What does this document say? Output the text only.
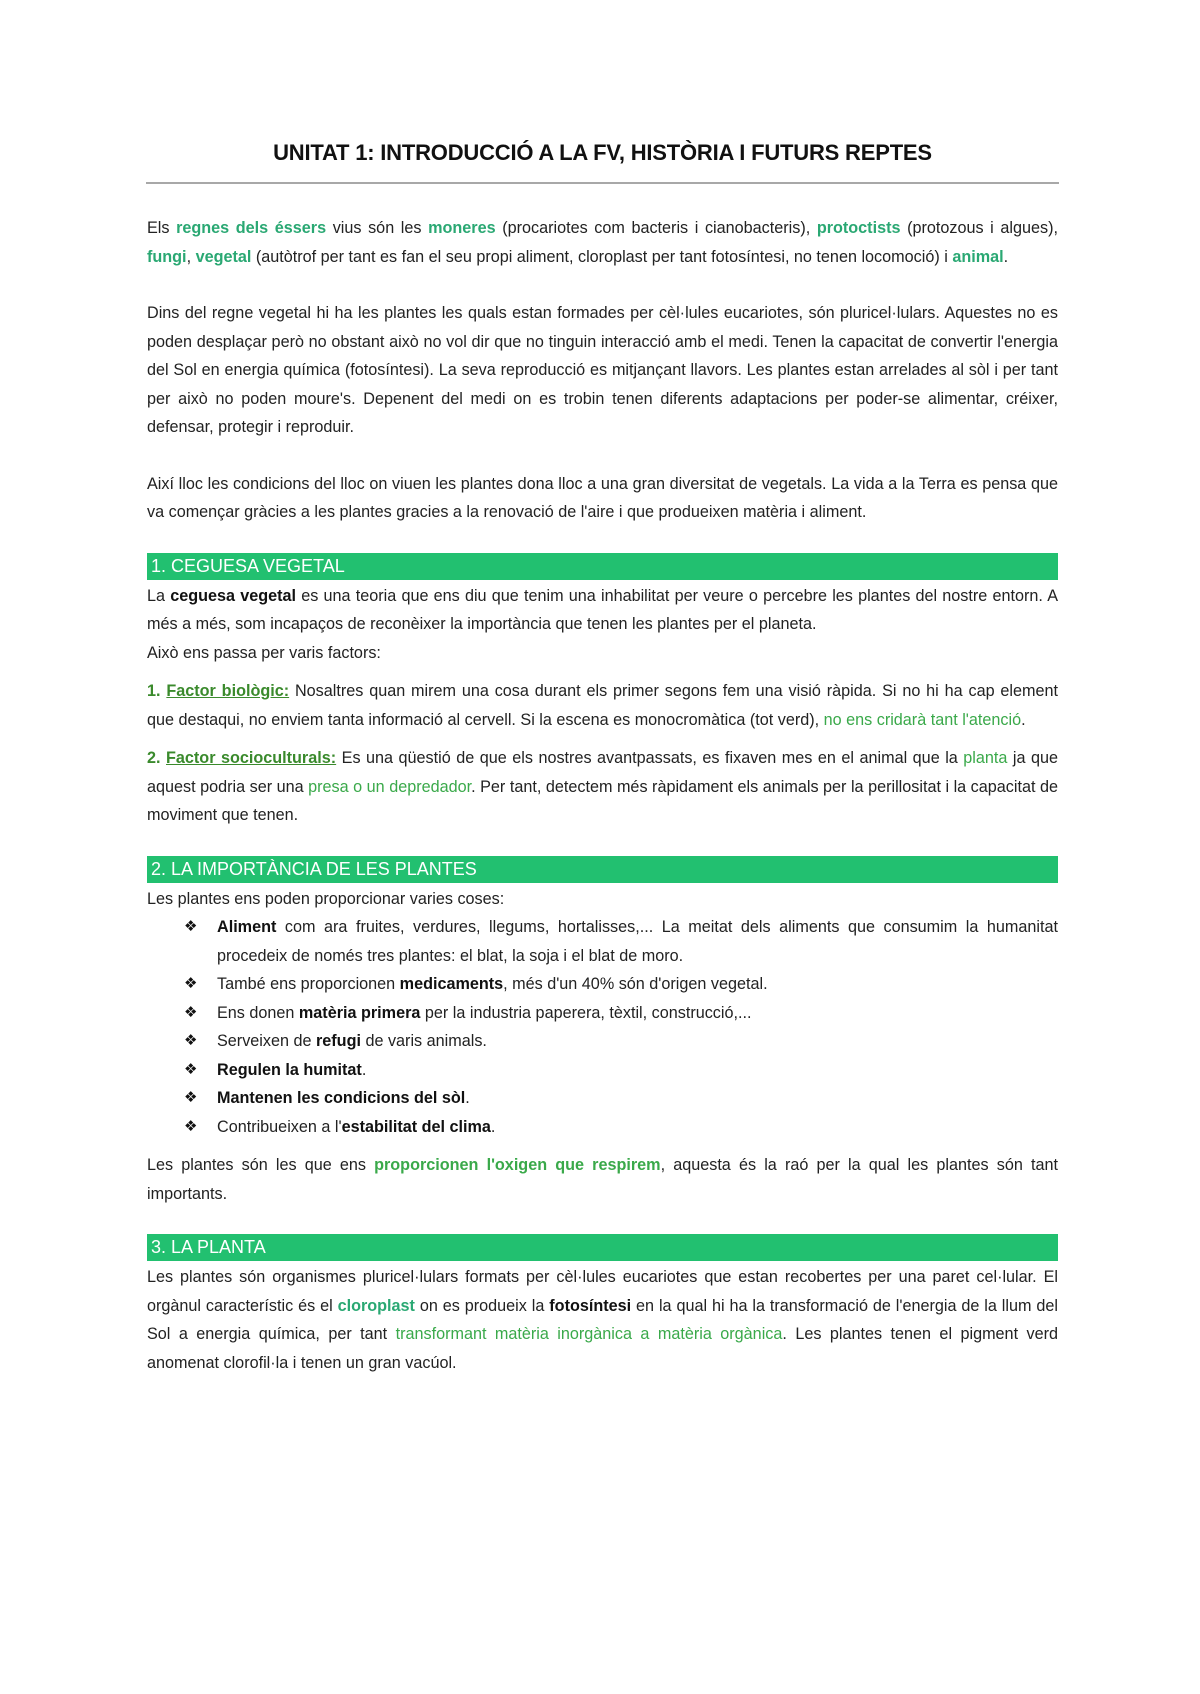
UNITAT 1: INTRODUCCIÓ A LA FV, HISTÒRIA I FUTURS REPTES

Els regnes dels éssers vius són les moneres (procariotes com bacteris i cianobacteris), protoctists (protozous i algues), fungi, vegetal (autòtrof per tant es fan el seu propi aliment, cloroplast per tant fotosíntesi, no tenen locomoció) i animal.

Dins del regne vegetal hi ha les plantes les quals estan formades per cèl·lules eucariotes, són pluricel·lulars. Aquestes no es poden desplaçar però no obstant això no vol dir que no tinguin interacció amb el medi. Tenen la capacitat de convertir l'energia del Sol en energia química (fotosíntesi). La seva reproducció es mitjançant llavors. Les plantes estan arrelades al sòl i per tant per això no poden moure's. Depenent del medi on es trobin tenen diferents adaptacions per poder-se alimentar, créixer, defensar, protegir i reproduir.

Així lloc les condicions del lloc on viuen les plantes dona lloc a una gran diversitat de vegetals. La vida a la Terra es pensa que va començar gràcies a les plantes gracies a la renovació de l'aire i que produeixen matèria i aliment.

1. CEGUESA VEGETAL

La ceguesa vegetal es una teoria que ens diu que tenim una inhabilitat per veure o percebre les plantes del nostre entorn. A més a més, som incapaços de reconèixer la importància que tenen les plantes per el planeta.

Això ens passa per varis factors:

1. Factor biològic: Nosaltres quan mirem una cosa durant els primer segons fem una visió ràpida. Si no hi ha cap element que destaqui, no enviem tanta informació al cervell. Si la escena es monocromàtica (tot verd), no ens cridarà tant l'atenció.

2. Factor socioculturals: Es una qüestió de que els nostres avantpassats, es fixaven mes en el animal que la planta ja que aquest podria ser una presa o un depredador. Per tant, detectem més ràpidament els animals per la perillositat i la capacitat de moviment que tenen.

2. LA IMPORTÀNCIA DE LES PLANTES

Les plantes ens poden proporcionar varies coses:

❖ Aliment com ara fruites, verdures, llegums, hortalisses,... La meitat dels aliments que consumim la humanitat procedeix de només tres plantes: el blat, la soja i el blat de moro.
❖ També ens proporcionen medicaments, més d'un 40% són d'origen vegetal.
❖ Ens donen matèria primera per la industria paperera, tèxtil, construcció,...
❖ Serveixen de refugi de varis animals.
❖ Regulen la humitat.
❖ Mantenen les condicions del sòl.
❖ Contribueixen a l'estabilitat del clima.

Les plantes són les que ens proporcionen l'oxigen que respirem, aquesta és la raó per la qual les plantes són tant importants.

3. LA PLANTA

Les plantes són organismes pluricel·lulars formats per cèl·lules eucariotes que estan recobertes per una paret cel·lular. El orgànul característic és el cloroplast on es produeix la fotosíntesi en la qual hi ha la transformació de l'energia de la llum del Sol a energia química, per tant transformant matèria inorgànica a matèria orgànica. Les plantes tenen el pigment verd anomenat clorofil·la i tenen un gran vacúol.
